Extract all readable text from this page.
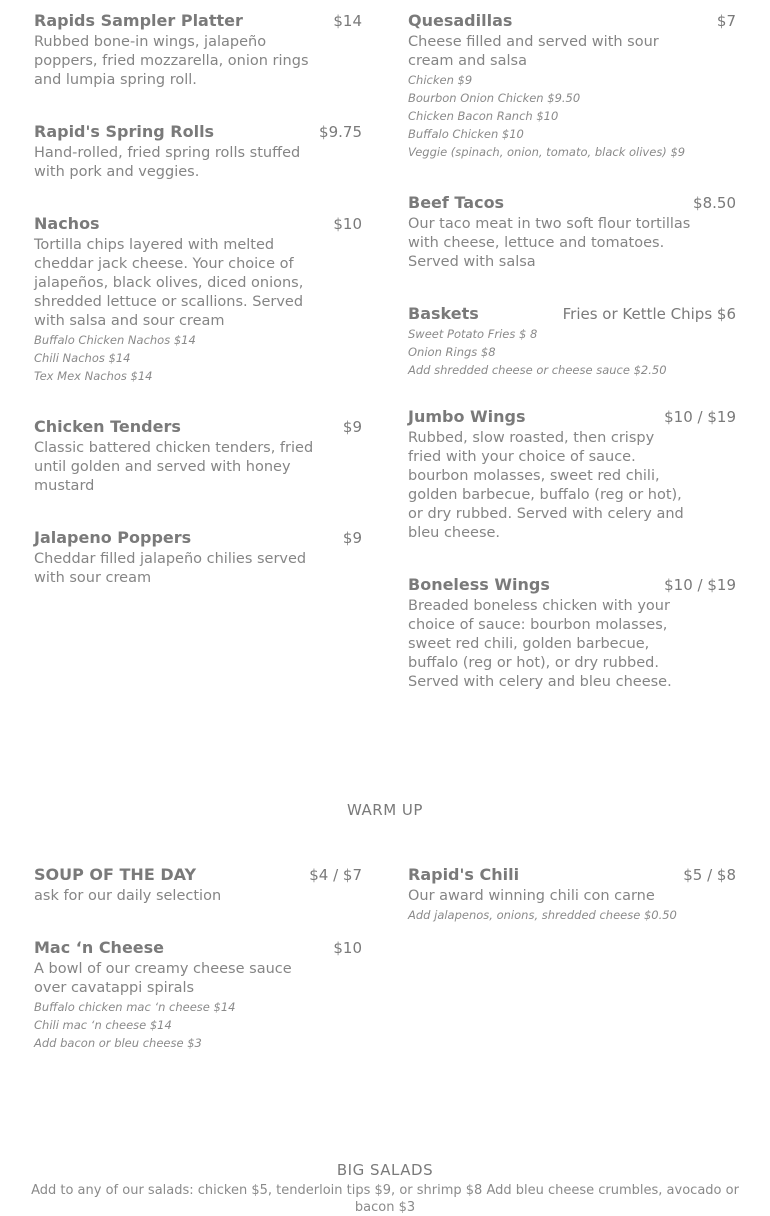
Rapids Sampler Platter	$14
Rubbed bone-in wings, jalapeño poppers, fried mozzarella, onion rings and lumpia spring roll.
Rapid's Spring Rolls	$9.75
Hand-rolled, fried spring rolls stuffed with pork and veggies.
Nachos	$10
Tortilla chips layered with melted cheddar jack cheese. Your choice of jalapeños, black olives, diced onions, shredded lettuce or scallions. Served with salsa and sour cream
Buffalo Chicken Nachos $14
Chili Nachos $14
Tex Mex Nachos $14
Chicken Tenders	$9
Classic battered chicken tenders, fried until golden and served with honey mustard
Jalapeno Poppers	$9
Cheddar filled jalapeño chilies served with sour cream
Quesadillas	$7
Cheese filled and served with sour cream and salsa
Chicken $9
Bourbon Onion Chicken $9.50
Chicken Bacon Ranch $10
Buffalo Chicken $10
Veggie (spinach, onion, tomato, black olives) $9
Beef Tacos	$8.50
Our taco meat in two soft flour tortillas with cheese, lettuce and tomatoes. Served with salsa
Baskets	Fries or Kettle Chips $6
Sweet Potato Fries $ 8
Onion Rings $8
Add shredded cheese or cheese sauce $2.50
Jumbo Wings	$10 / $19
Rubbed, slow roasted, then crispy fried with your choice of sauce. bourbon molasses, sweet red chili, golden barbecue, buffalo (reg or hot), or dry rubbed. Served with celery and bleu cheese.
Boneless Wings	$10 / $19
Breaded boneless chicken with your choice of sauce: bourbon molasses, sweet red chili, golden barbecue, buffalo (reg or hot), or dry rubbed. Served with celery and bleu cheese.
WARM UP
SOUP OF THE DAY	$4 / $7
ask for our daily selection
Mac ‘n Cheese	$10
A bowl of our creamy cheese sauce over cavatappi spirals
Buffalo chicken mac ‘n cheese $14
Chili mac ‘n cheese $14
Add bacon or bleu cheese $3
Rapid's Chili	$5 / $8
Our award winning chili con carne
Add jalapenos, onions, shredded cheese $0.50
BIG SALADS
Add to any of our salads: chicken $5, tenderloin tips $9, or shrimp $8 Add bleu cheese crumbles, avocado or bacon $3
